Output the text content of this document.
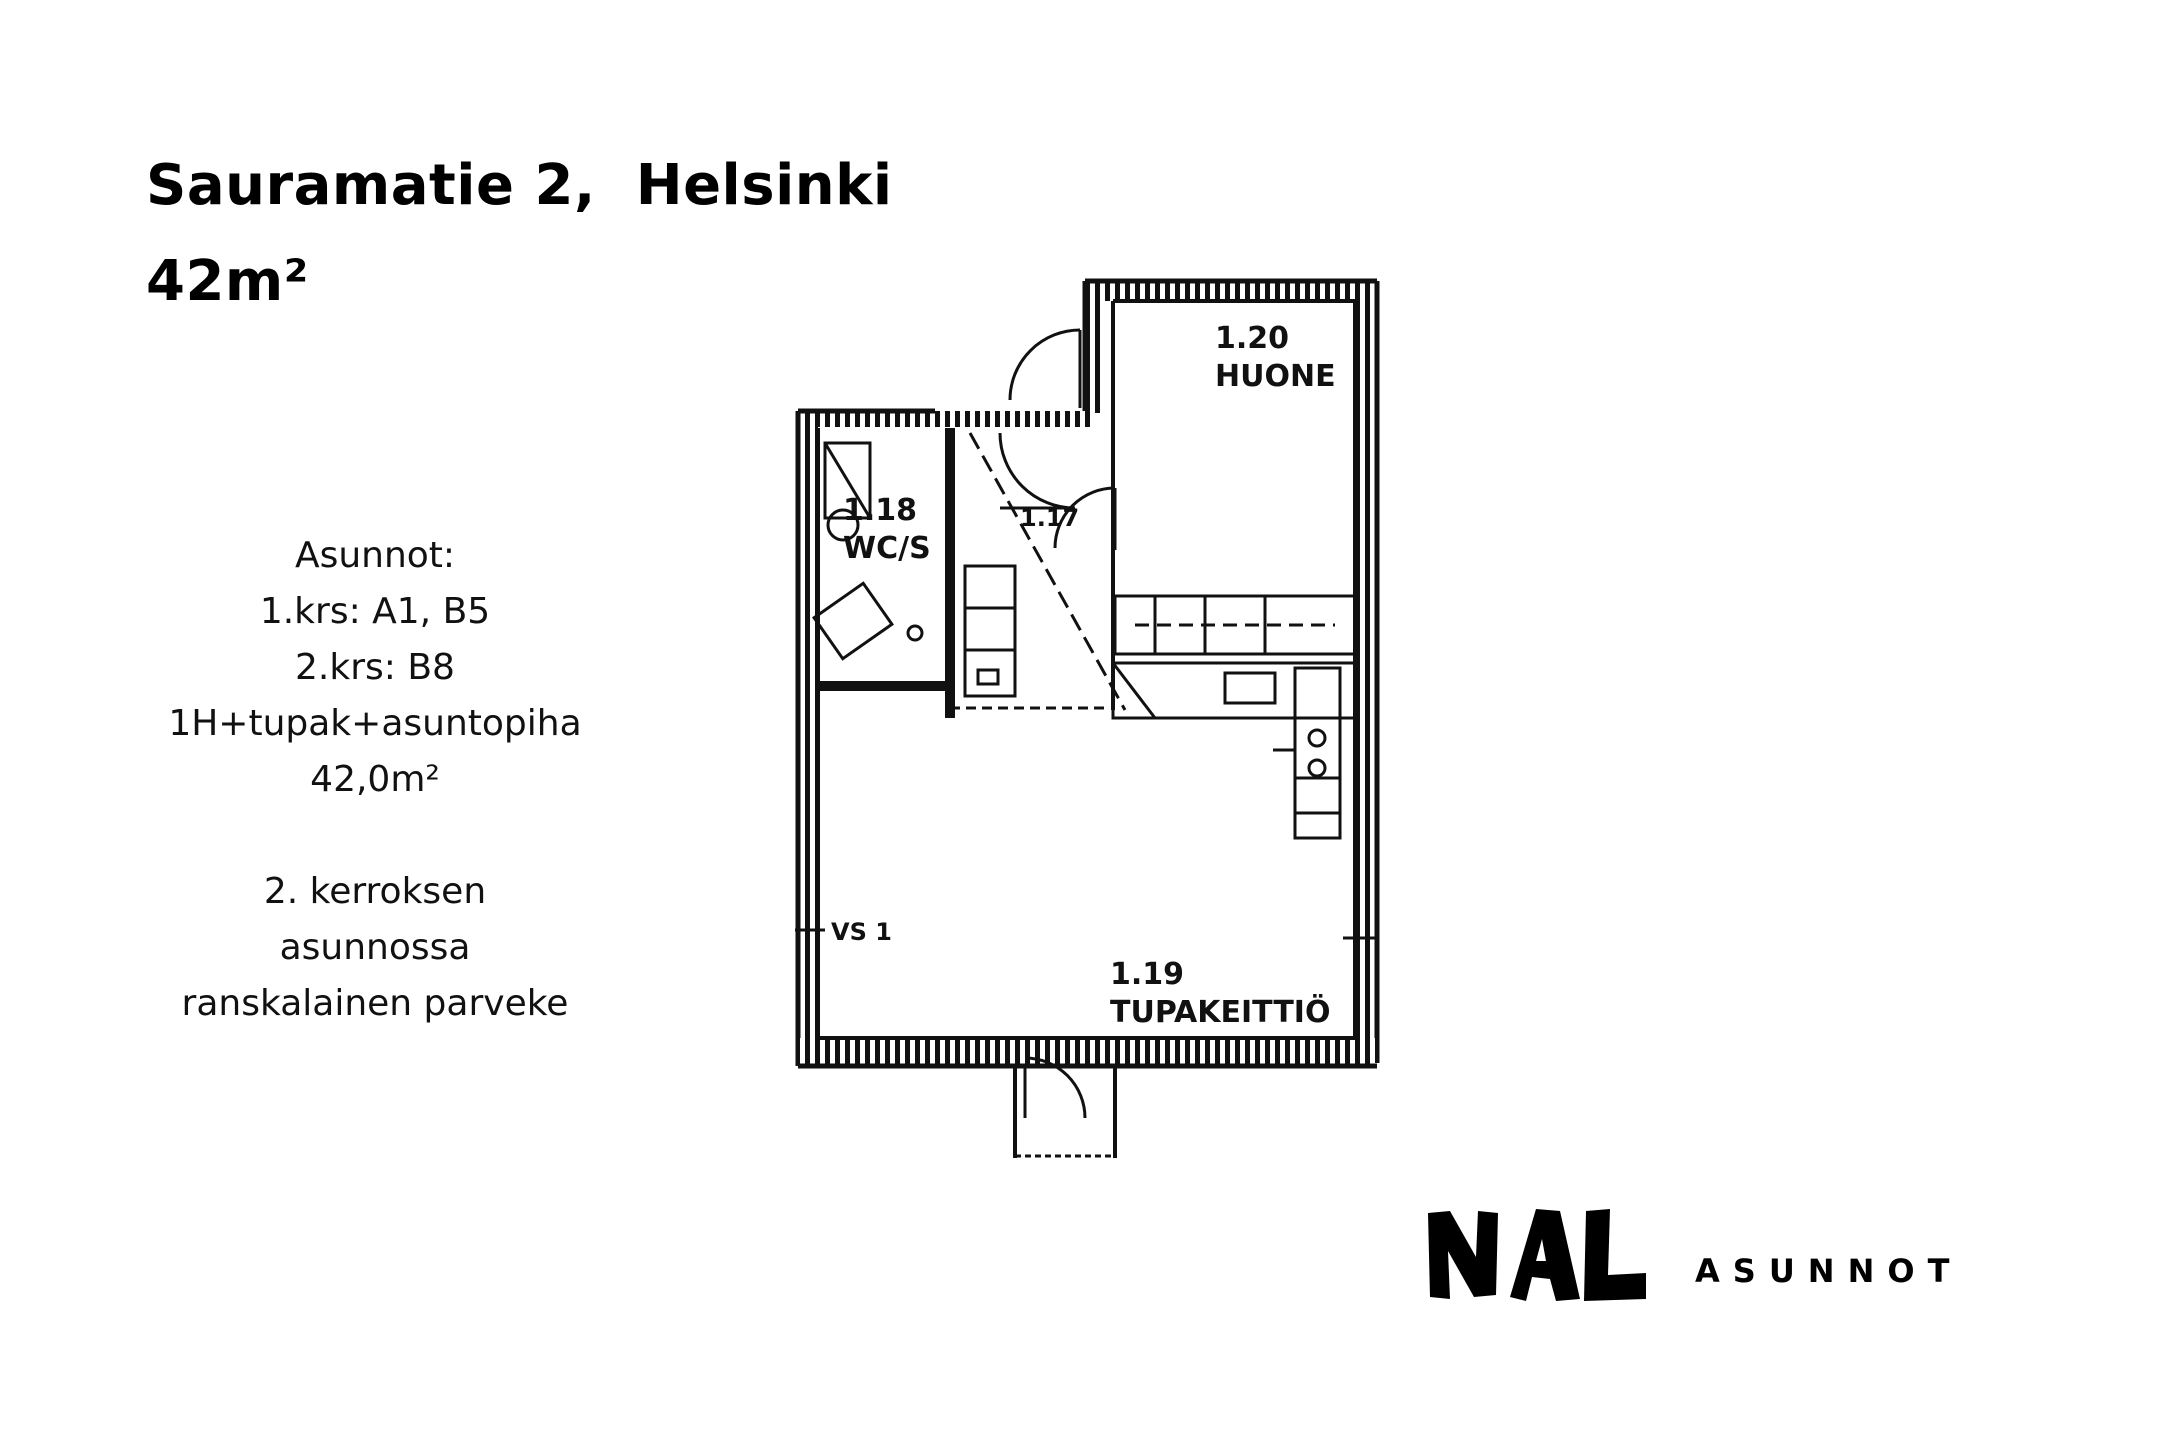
Sauramatie 2,  Helsinki
42m²
Asunnot:
1.krs: A1, B5
2.krs: B8
1H+tupak+asuntopiha
42,0m²
2. kerroksen
asunnossa
ranskalainen parveke
1.20
HUONE
1.18
WC/S
1.17
VS 1
1.19
TUPAKEITTIÖ
ASUNNOT
